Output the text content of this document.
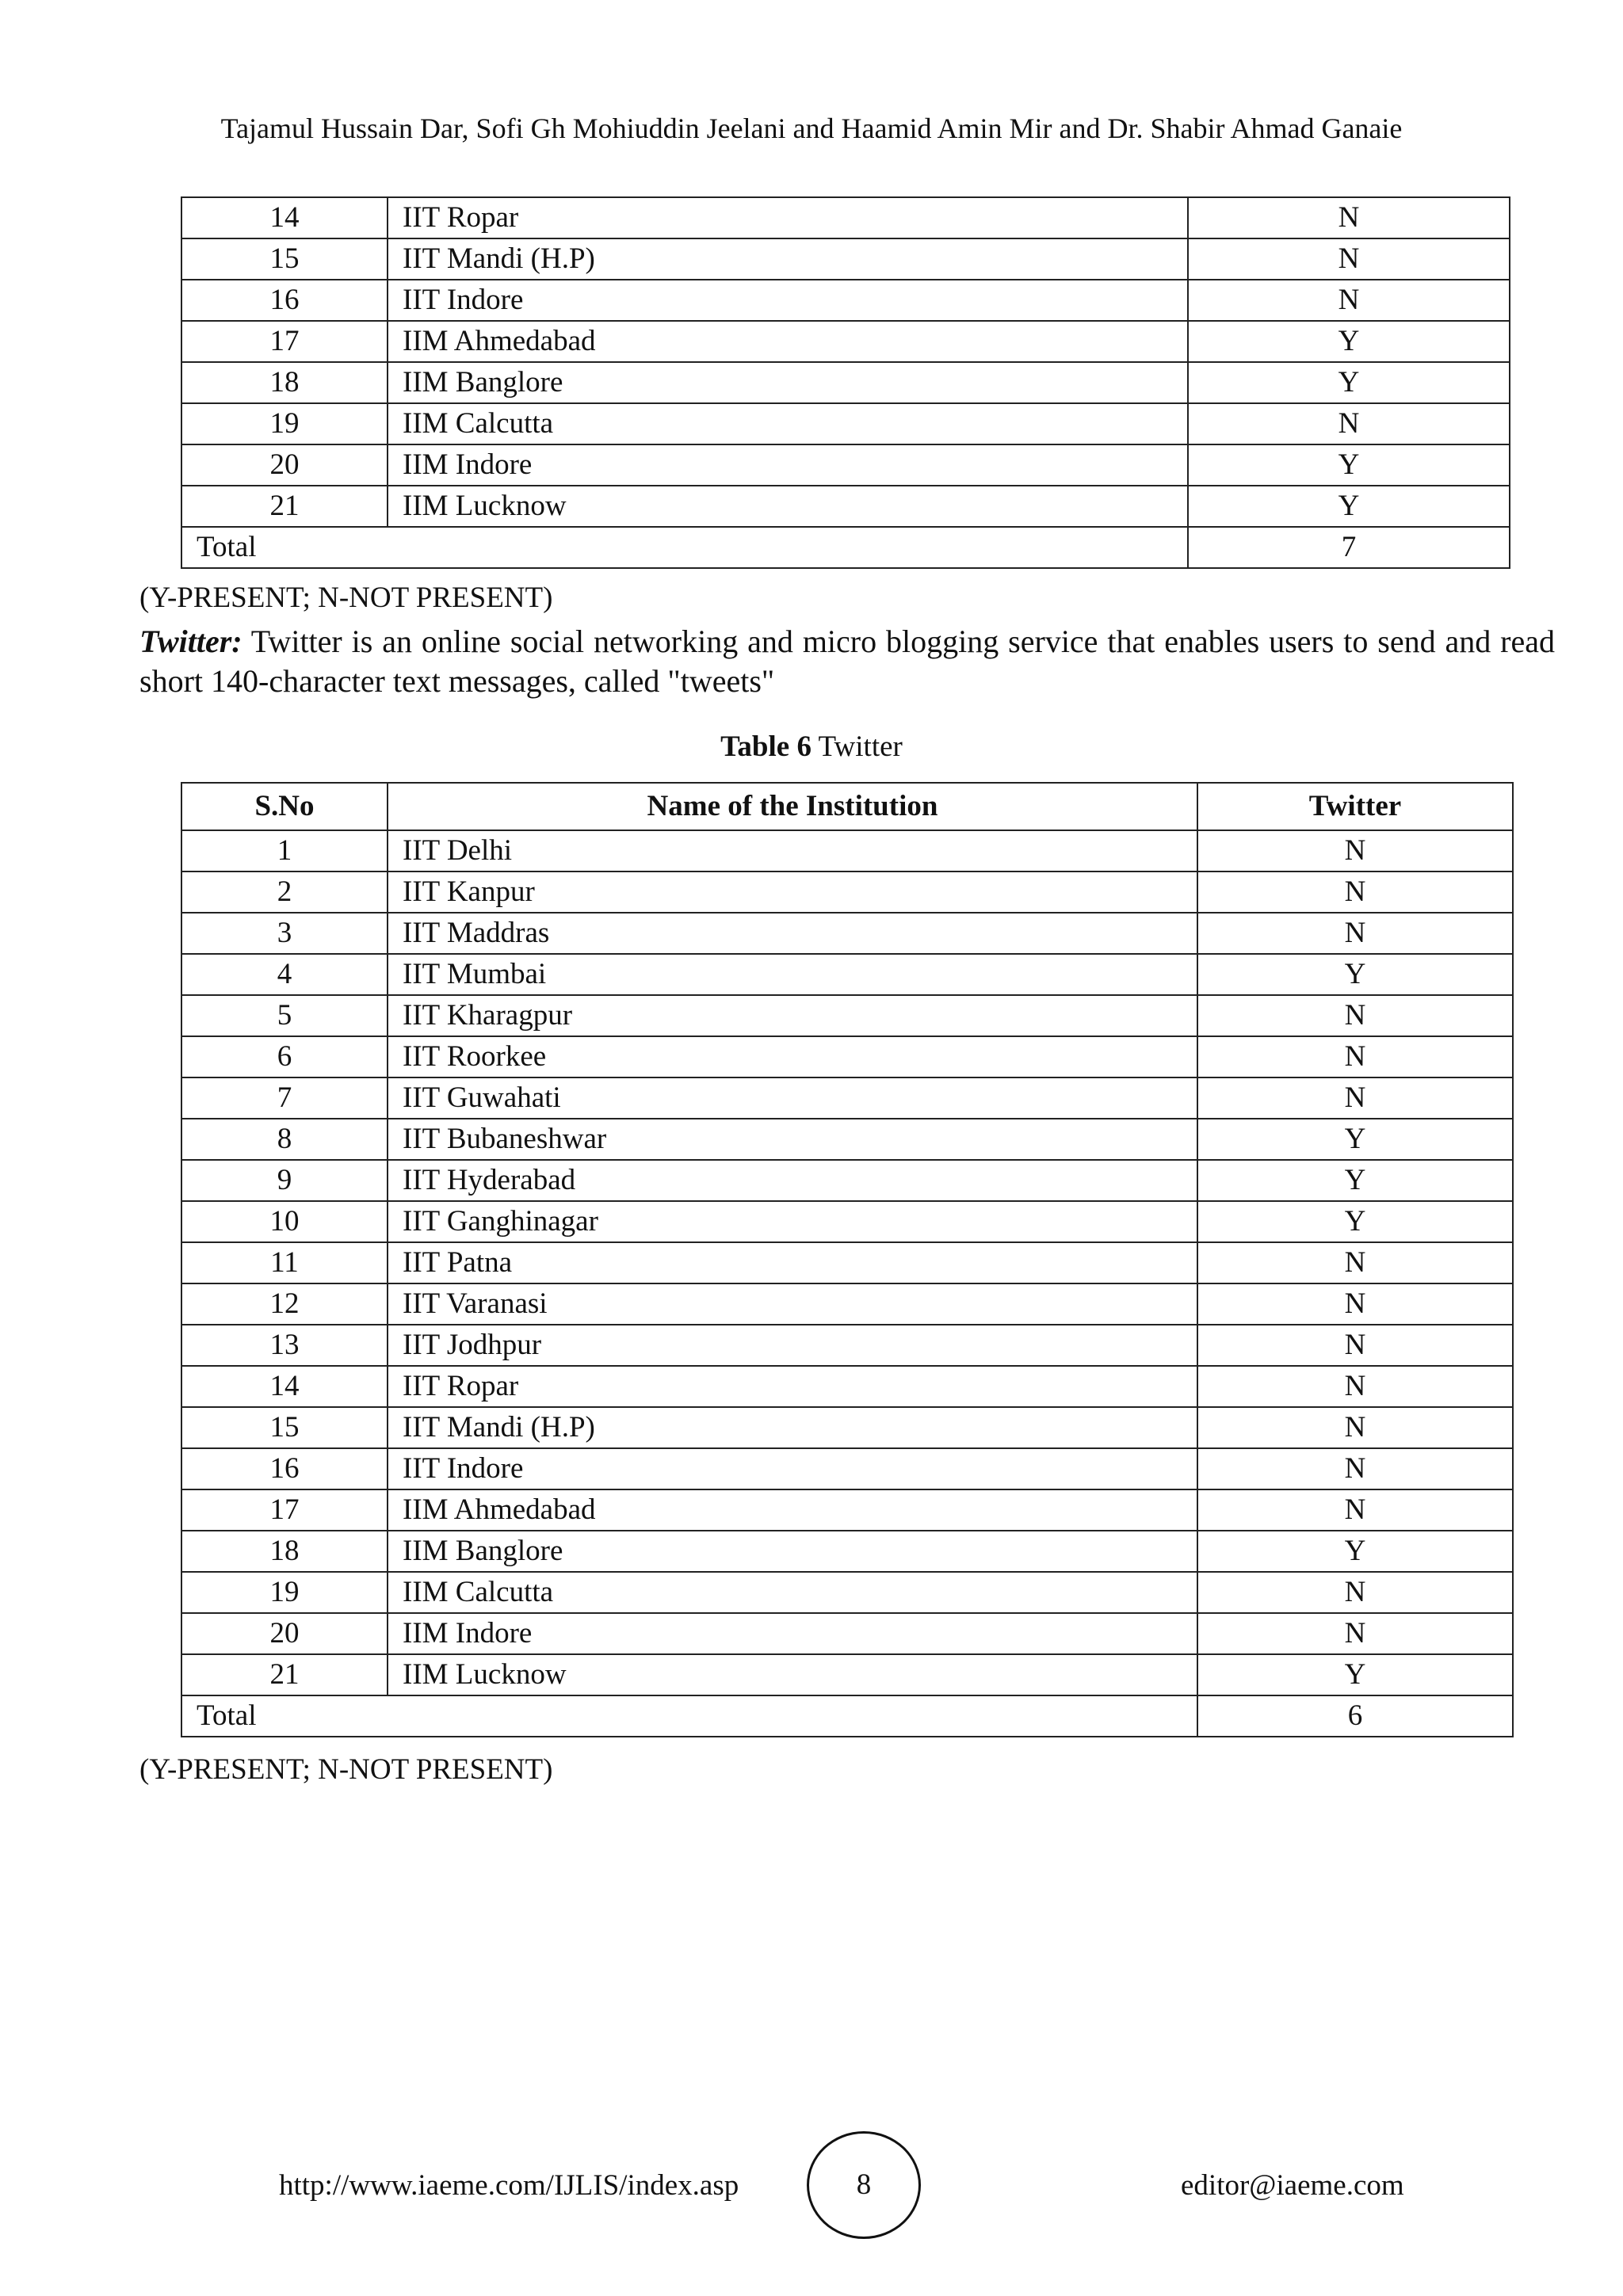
Tajamul Hussain Dar, Sofi Gh Mohiuddin Jeelani and Haamid Amin Mir and Dr. Shabir Ahmad Ganaie
14	IIT Ropar	N
15	IIT Mandi (H.P)	N
16	IIT Indore	N
17	IIM Ahmedabad	Y
18	IIM Banglore	Y
19	IIM Calcutta	N
20	IIM Indore	Y
21	IIM Lucknow	Y
Total		7
(Y-PRESENT; N-NOT PRESENT)
Twitter: Twitter is an online social networking and micro blogging service that enables users to send and read short 140-character text messages, called "tweets"
Table 6 Twitter
S.No	Name of the Institution	Twitter
1	IIT Delhi	N
2	IIT Kanpur	N
3	IIT Maddras	N
4	IIT Mumbai	Y
5	IIT Kharagpur	N
6	IIT Roorkee	N
7	IIT Guwahati	N
8	IIT Bubaneshwar	Y
9	IIT Hyderabad	Y
10	IIT Ganghinagar	Y
11	IIT Patna	N
12	IIT Varanasi	N
13	IIT Jodhpur	N
14	IIT Ropar	N
15	IIT Mandi (H.P)	N
16	IIT Indore	N
17	IIM Ahmedabad	N
18	IIM Banglore	Y
19	IIM Calcutta	N
20	IIM Indore	N
21	IIM Lucknow	Y
Total		6
(Y-PRESENT; N-NOT PRESENT)
http://www.iaeme.com/IJLIS/index.asp	8	editor@iaeme.com
